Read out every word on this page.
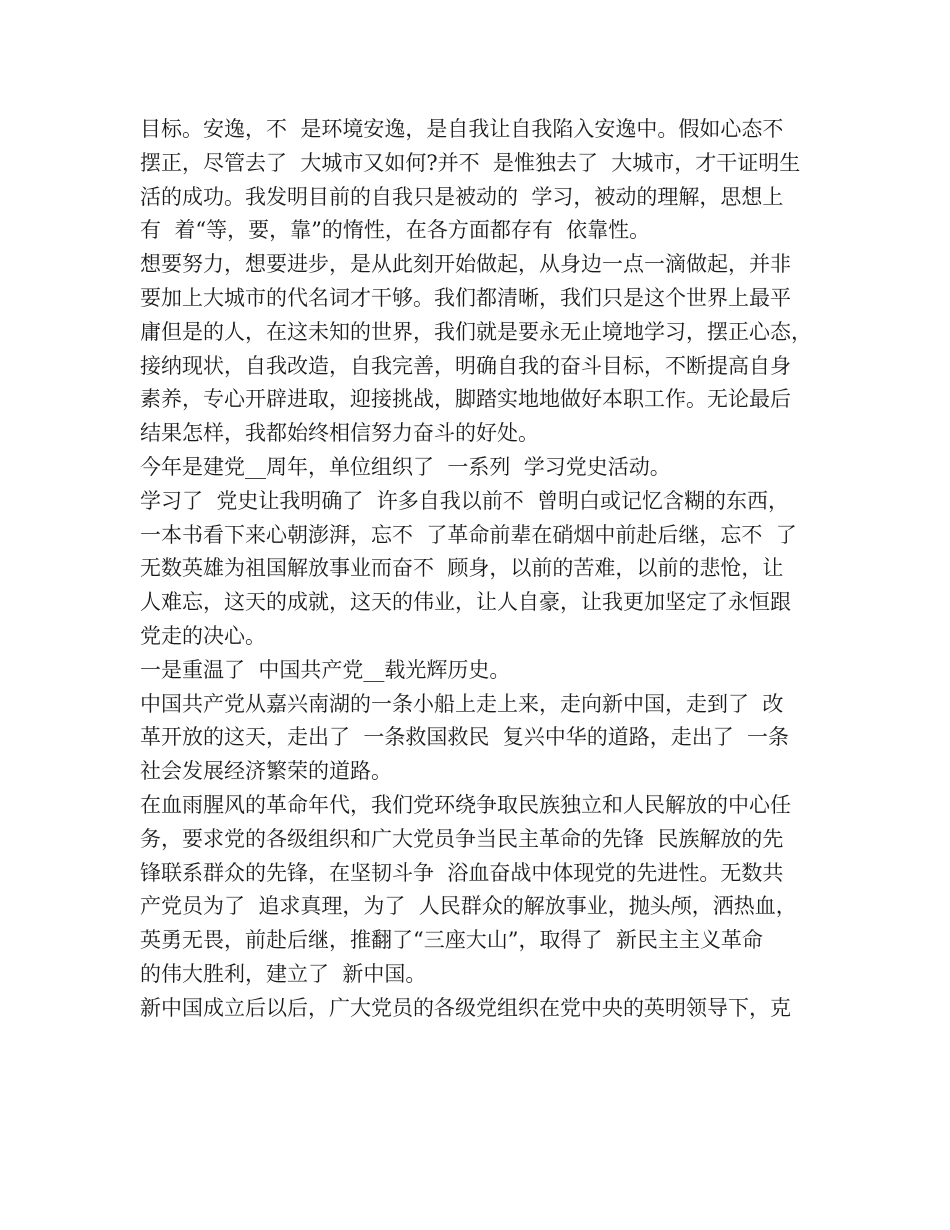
目标。安逸，不  是环境安逸，是自我让自我陷入安逸中。假如心态不
摆正，尽管去了  大城市又如何?并不  是惟独去了  大城市，才干证明生
活的成功。我发明目前的自我只是被动的  学习，被动的理解，思想上
有  着“等，要，靠”的惰性，在各方面都存有  依靠性。
想要努力，想要进步，是从此刻开始做起，从身边一点一滴做起，并非
要加上大城市的代名词才干够。我们都清晰，我们只是这个世界上最平
庸但是的人，在这未知的世界，我们就是要永无止境地学习，摆正心态，
接纳现状，自我改造，自我完善，明确自我的奋斗目标，不断提高自身
素养，专心开辟进取，迎接挑战，脚踏实地地做好本职工作。无论最后
结果怎样，我都始终相信努力奋斗的好处。
今年是建党__周年，单位组织了  一系列  学习党史活动。
学习了  党史让我明确了  许多自我以前不  曾明白或记忆含糊的东西，
一本书看下来心朝澎湃，忘不  了革命前辈在硝烟中前赴后继，忘不  了
无数英雄为祖国解放事业而奋不  顾身，以前的苦难，以前的悲怆，让
人难忘，这天的成就，这天的伟业，让人自豪，让我更加坚定了永恒跟
党走的决心。
一是重温了  中国共产党__载光辉历史。
中国共产党从嘉兴南湖的一条小船上走上来，走向新中国，走到了  改
革开放的这天，走出了  一条救国救民  复兴中华的道路，走出了  一条
社会发展经济繁荣的道路。
在血雨腥风的革命年代，我们党环绕争取民族独立和人民解放的中心任
务，要求党的各级组织和广大党员争当民主革命的先锋  民族解放的先
锋联系群众的先锋，在坚韧斗争  浴血奋战中体现党的先进性。无数共
产党员为了  追求真理，为了  人民群众的解放事业，抛头颅，洒热血，
英勇无畏，前赴后继，推翻了“三座大山”，取得了  新民主主义革命
的伟大胜利，建立了  新中国。
新中国成立后以后，广大党员的各级党组织在党中央的英明领导下，克
